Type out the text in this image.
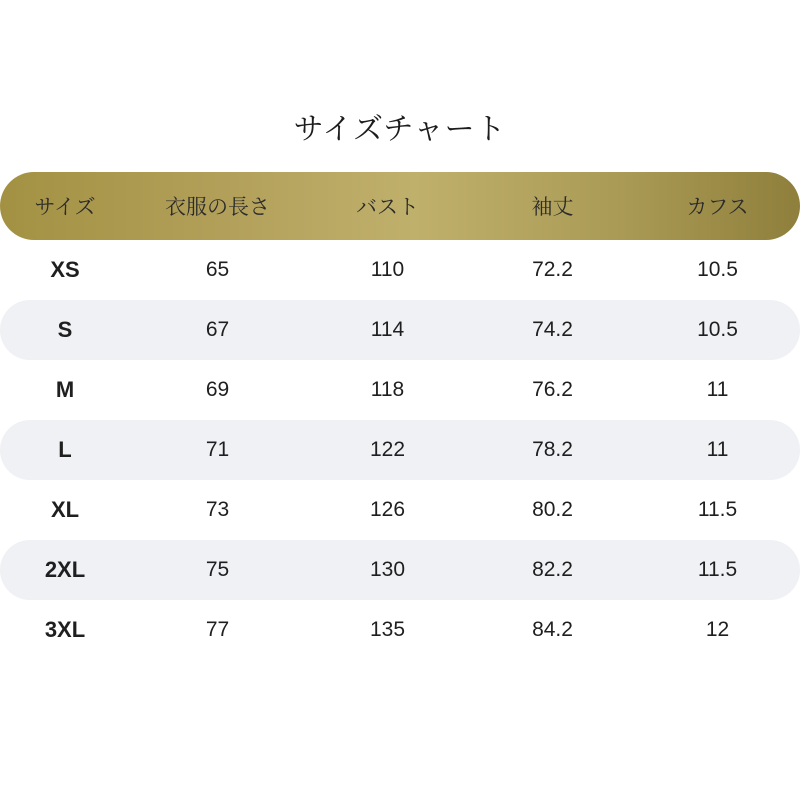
サイズチャート
サイズ	衣服の長さ	バスト	袖丈	カフス
XS	65	110	72.2	10.5
S	67	114	74.2	10.5
M	69	118	76.2	11
L	71	122	78.2	11
XL	73	126	80.2	11.5
2XL	75	130	82.2	11.5
3XL	77	135	84.2	12
